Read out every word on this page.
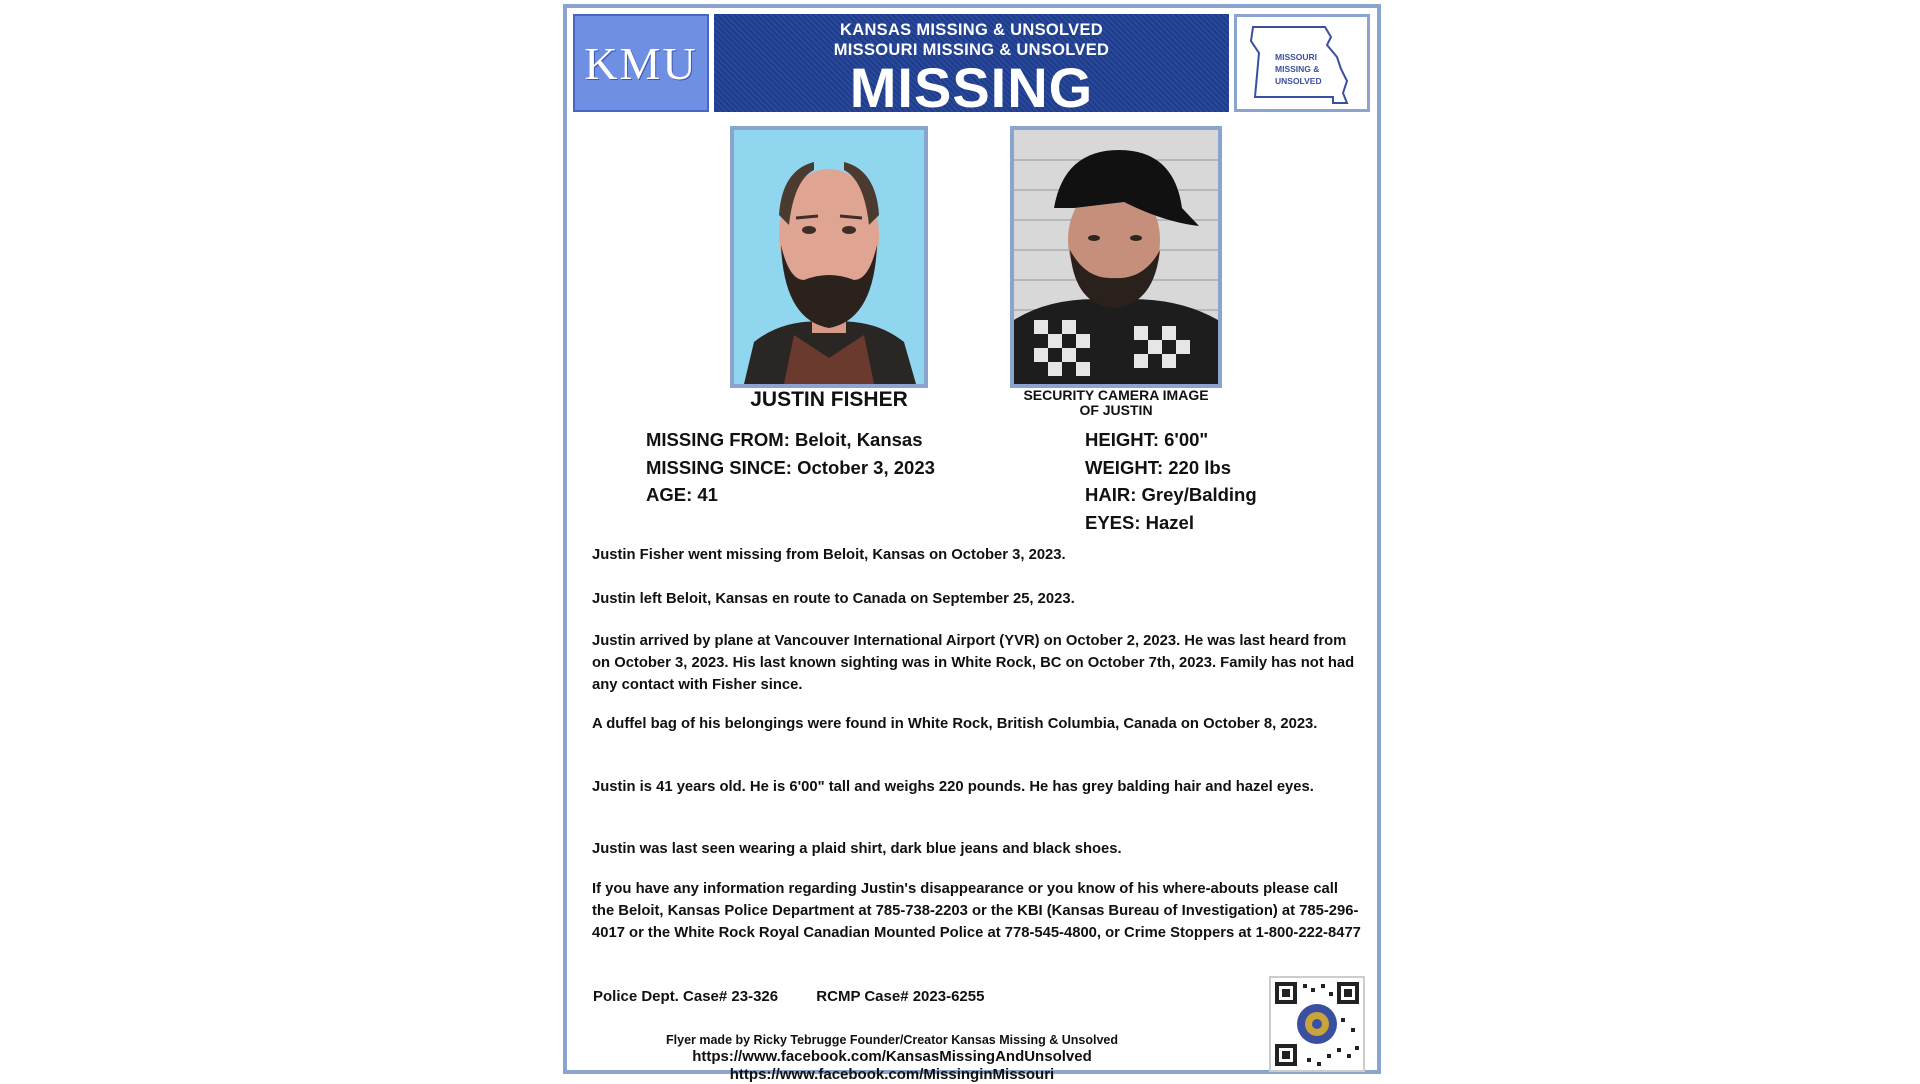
KMU
KANSAS MISSING & UNSOLVED
MISSOURI MISSING & UNSOLVED
MISSING	MISSOURI
MISSING &
UNSOLVED
JUSTIN FISHER	SECURITY CAMERA IMAGE
OF JUSTIN
MISSING FROM: Beloit, Kansas
MISSING SINCE: October 3, 2023
AGE: 41
HEIGHT: 6'00"
WEIGHT: 220 lbs
HAIR: Grey/Balding
EYES: Hazel

Justin Fisher went missing from Beloit, Kansas on October 3, 2023.

Justin left Beloit, Kansas en route to Canada on September 25, 2023.

Justin arrived by plane at Vancouver International Airport (YVR) on October 2, 2023. He was last heard from on October 3, 2023. His last known sighting was in White Rock, BC on October 7th, 2023. Family has not had any contact with Fisher since.

A duffel bag of his belongings were found in White Rock, British Columbia, Canada on October 8, 2023.

Justin is 41 years old. He is 6'00" tall and weighs 220 pounds. He has grey balding hair and hazel eyes.

Justin was last seen wearing a plaid shirt, dark blue jeans and black shoes.

If you have any information regarding Justin's disappearance or you know of his where-abouts please call the Beloit, Kansas Police Department at 785-738-2203 or the KBI (Kansas Bureau of Investigation) at 785-296-4017 or the White Rock Royal Canadian Mounted Police at 778-545-4800, or Crime Stoppers at 1-800-222-8477

Police Dept. Case# 23-326	RCMP Case# 2023-6255
Flyer made by Ricky Tebrugge Founder/Creator Kansas Missing & Unsolved
https://www.facebook.com/KansasMissingAndUnsolved
https://www.facebook.com/MissinginMissouri
